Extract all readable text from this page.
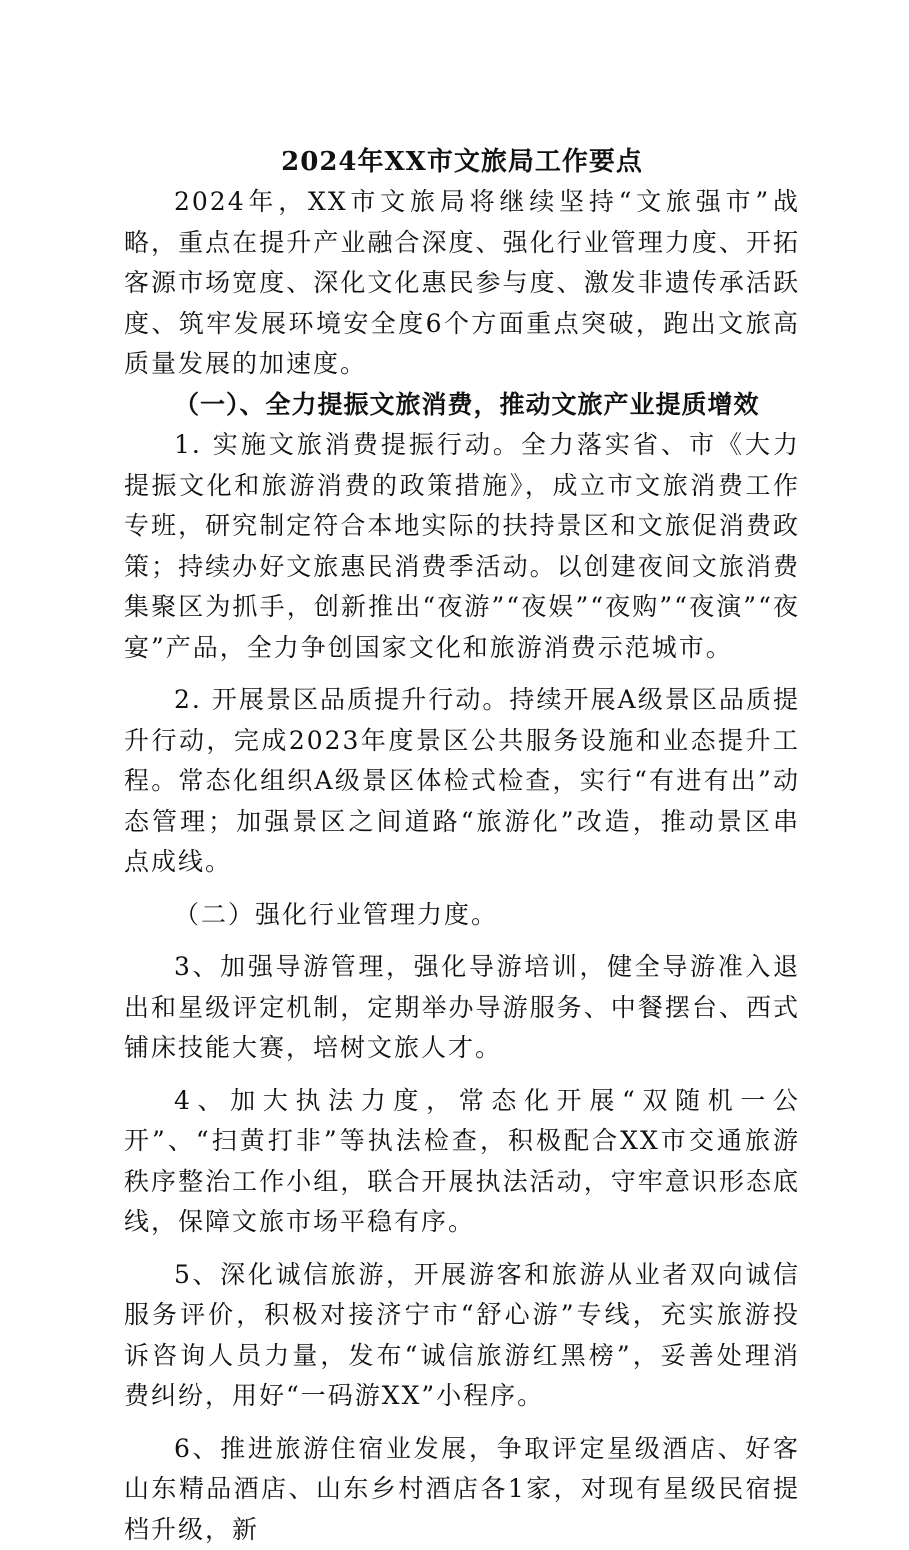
2024年XX市文旅局工作要点

2024年，XX市文旅局将继续坚持“文旅强市”战略，重点在提升产业融合深度、强化行业管理力度、开拓客源市场宽度、深化文化惠民参与度、激发非遗传承活跃度、筑牢发展环境安全度6个方面重点突破，跑出文旅高质量发展的加速度。

（一）、全力提振文旅消费，推动文旅产业提质增效

1. 实施文旅消费提振行动。全力落实省、市《大力提振文化和旅游消费的政策措施》，成立市文旅消费工作专班，研究制定符合本地实际的扶持景区和文旅促消费政策；持续办好文旅惠民消费季活动。以创建夜间文旅消费集聚区为抓手，创新推出“夜游”“夜娱”“夜购”“夜演”“夜宴”产品，全力争创国家文化和旅游消费示范城市。

2. 开展景区品质提升行动。持续开展A级景区品质提升行动，完成2023年度景区公共服务设施和业态提升工程。常态化组织A级景区体检式检查，实行“有进有出”动态管理；加强景区之间道路“旅游化”改造，推动景区串点成线。

（二）强化行业管理力度。

3、加强导游管理，强化导游培训，健全导游准入退出和星级评定机制，定期举办导游服务、中餐摆台、西式铺床技能大赛，培树文旅人才。

4、加大执法力度，常态化开展“双随机一公开”、“扫黄打非”等执法检查，积极配合XX市交通旅游秩序整治工作小组，联合开展执法活动，守牢意识形态底线，保障文旅市场平稳有序。

5、深化诚信旅游，开展游客和旅游从业者双向诚信服务评价，积极对接济宁市“舒心游”专线，充实旅游投诉咨询人员力量，发布“诚信旅游红黑榜”，妥善处理消费纠纷，用好“一码游XX”小程序。

6、推进旅游住宿业发展，争取评定星级酒店、好客山东精品酒店、山东乡村酒店各1家，对现有星级民宿提档升级，新
